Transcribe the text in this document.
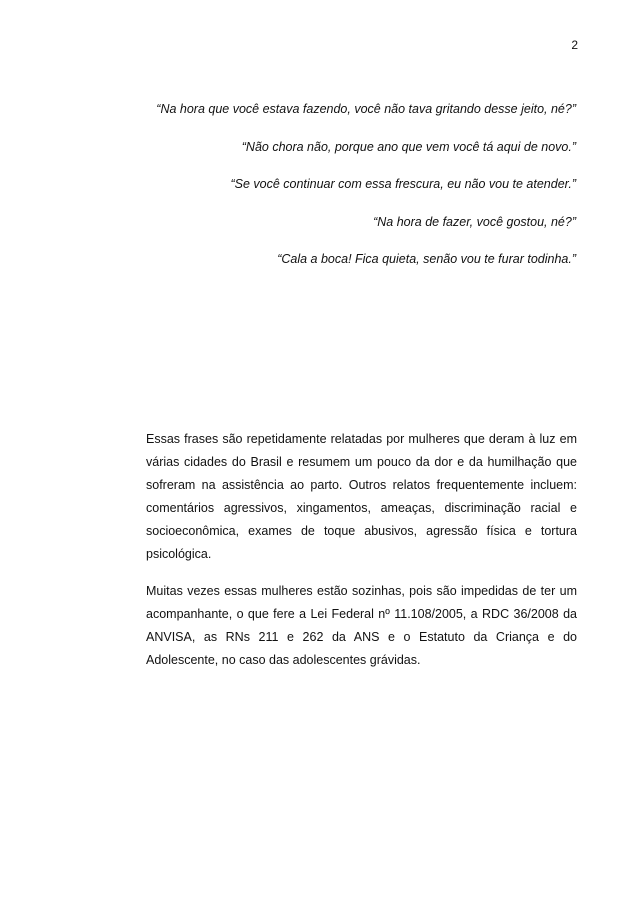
2
“Na hora que você estava fazendo, você não tava gritando desse jeito, né?”
“Não chora não, porque ano que vem você tá aqui de novo.”
“Se você continuar com essa frescura, eu não vou te atender.”
“Na hora de fazer, você gostou, né?”
“Cala a boca! Fica quieta, senão vou te furar todinha.”

Essas frases são repetidamente relatadas por mulheres que deram à luz em várias cidades do Brasil e resumem um pouco da dor e da humilhação que sofreram na assistência ao parto. Outros relatos frequentemente incluem: comentários agressivos, xingamentos, ameaças, discriminação racial e socioeconômica, exames de toque abusivos, agressão física e tortura psicológica.

Muitas vezes essas mulheres estão sozinhas, pois são impedidas de ter um acompanhante, o que fere a Lei Federal nº 11.108/2005, a RDC 36/2008 da ANVISA, as RNs 211 e 262 da ANS e o Estatuto da Criança e do Adolescente, no caso das adolescentes grávidas.
